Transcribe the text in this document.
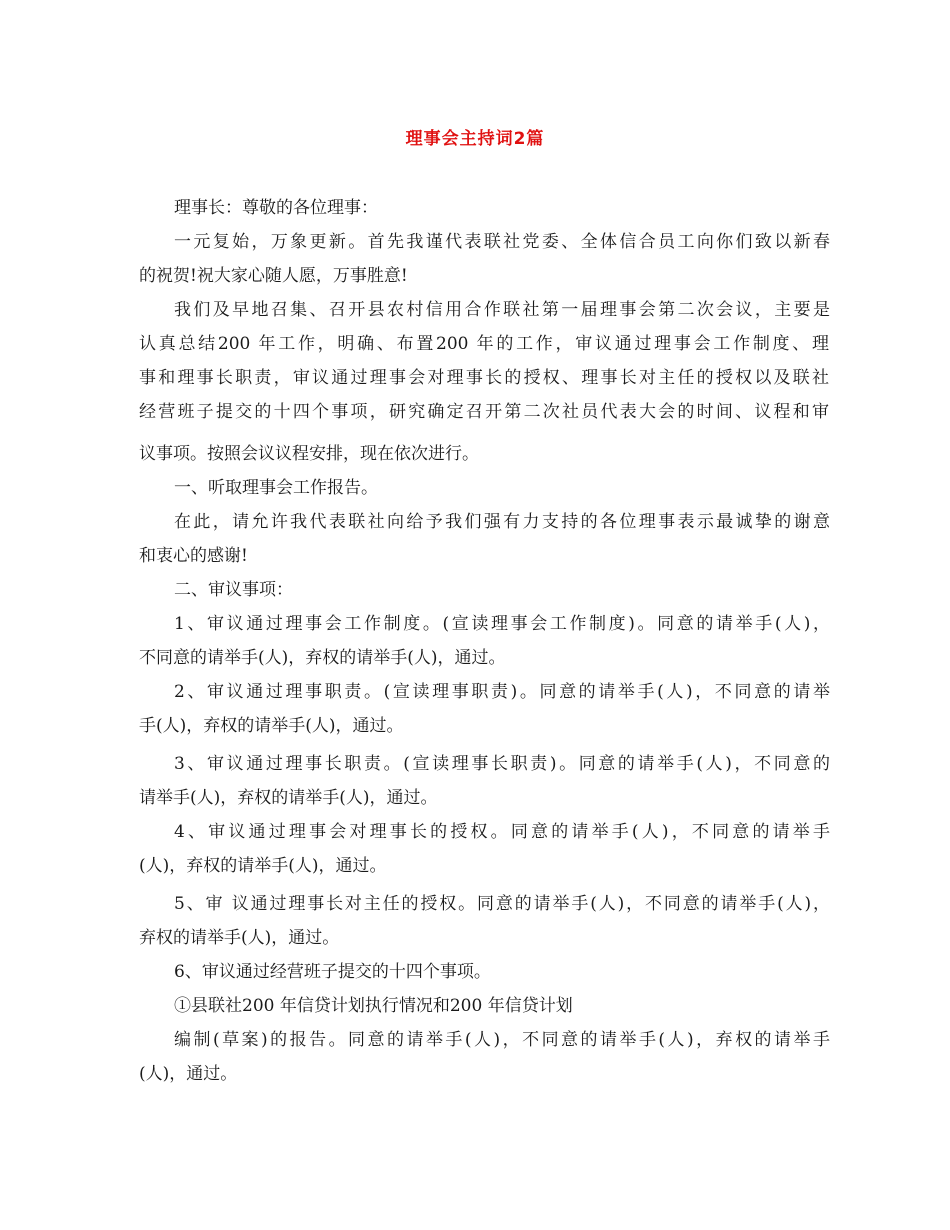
理事会主持词2篇
理事长：尊敬的各位理事：
一元复始，万象更新。首先我谨代表联社党委、全体信合员工向你们致以新春
的祝贺!祝大家心随人愿，万事胜意!
我们及早地召集、召开县农村信用合作联社第一届理事会第二次会议，主要是
认真总结200 年工作，明确、布置200 年的工作，审议通过理事会工作制度、理
事和理事长职责，审议通过理事会对理事长的授权、理事长对主任的授权以及联社
经营班子提交的十四个事项，研究确定召开第二次社员代表大会的时间、议程和审
议事项。按照会议议程安排，现在依次进行。
一、听取理事会工作报告。
在此，请允许我代表联社向给予我们强有力支持的各位理事表示最诚挚的谢意
和衷心的感谢!
二、审议事项：
1、审议通过理事会工作制度。(宣读理事会工作制度)。同意的请举手(人)，
不同意的请举手(人)，弃权的请举手(人)，通过。
2、审议通过理事职责。(宣读理事职责)。同意的请举手(人)，不同意的请举
手(人)，弃权的请举手(人)，通过。
3、审议通过理事长职责。(宣读理事长职责)。同意的请举手(人)，不同意的
请举手(人)，弃权的请举手(人)，通过。
4、审议通过理事会对理事长的授权。同意的请举手(人)，不同意的请举手
(人)，弃权的请举手(人)，通过。
5、审 议通过理事长对主任的授权。同意的请举手(人)，不同意的请举手(人)，
弃权的请举手(人)，通过。
6、审议通过经营班子提交的十四个事项。
①县联社200 年信贷计划执行情况和200 年信贷计划
编制(草案)的报告。同意的请举手(人)，不同意的请举手(人)，弃权的请举手
(人)，通过。
